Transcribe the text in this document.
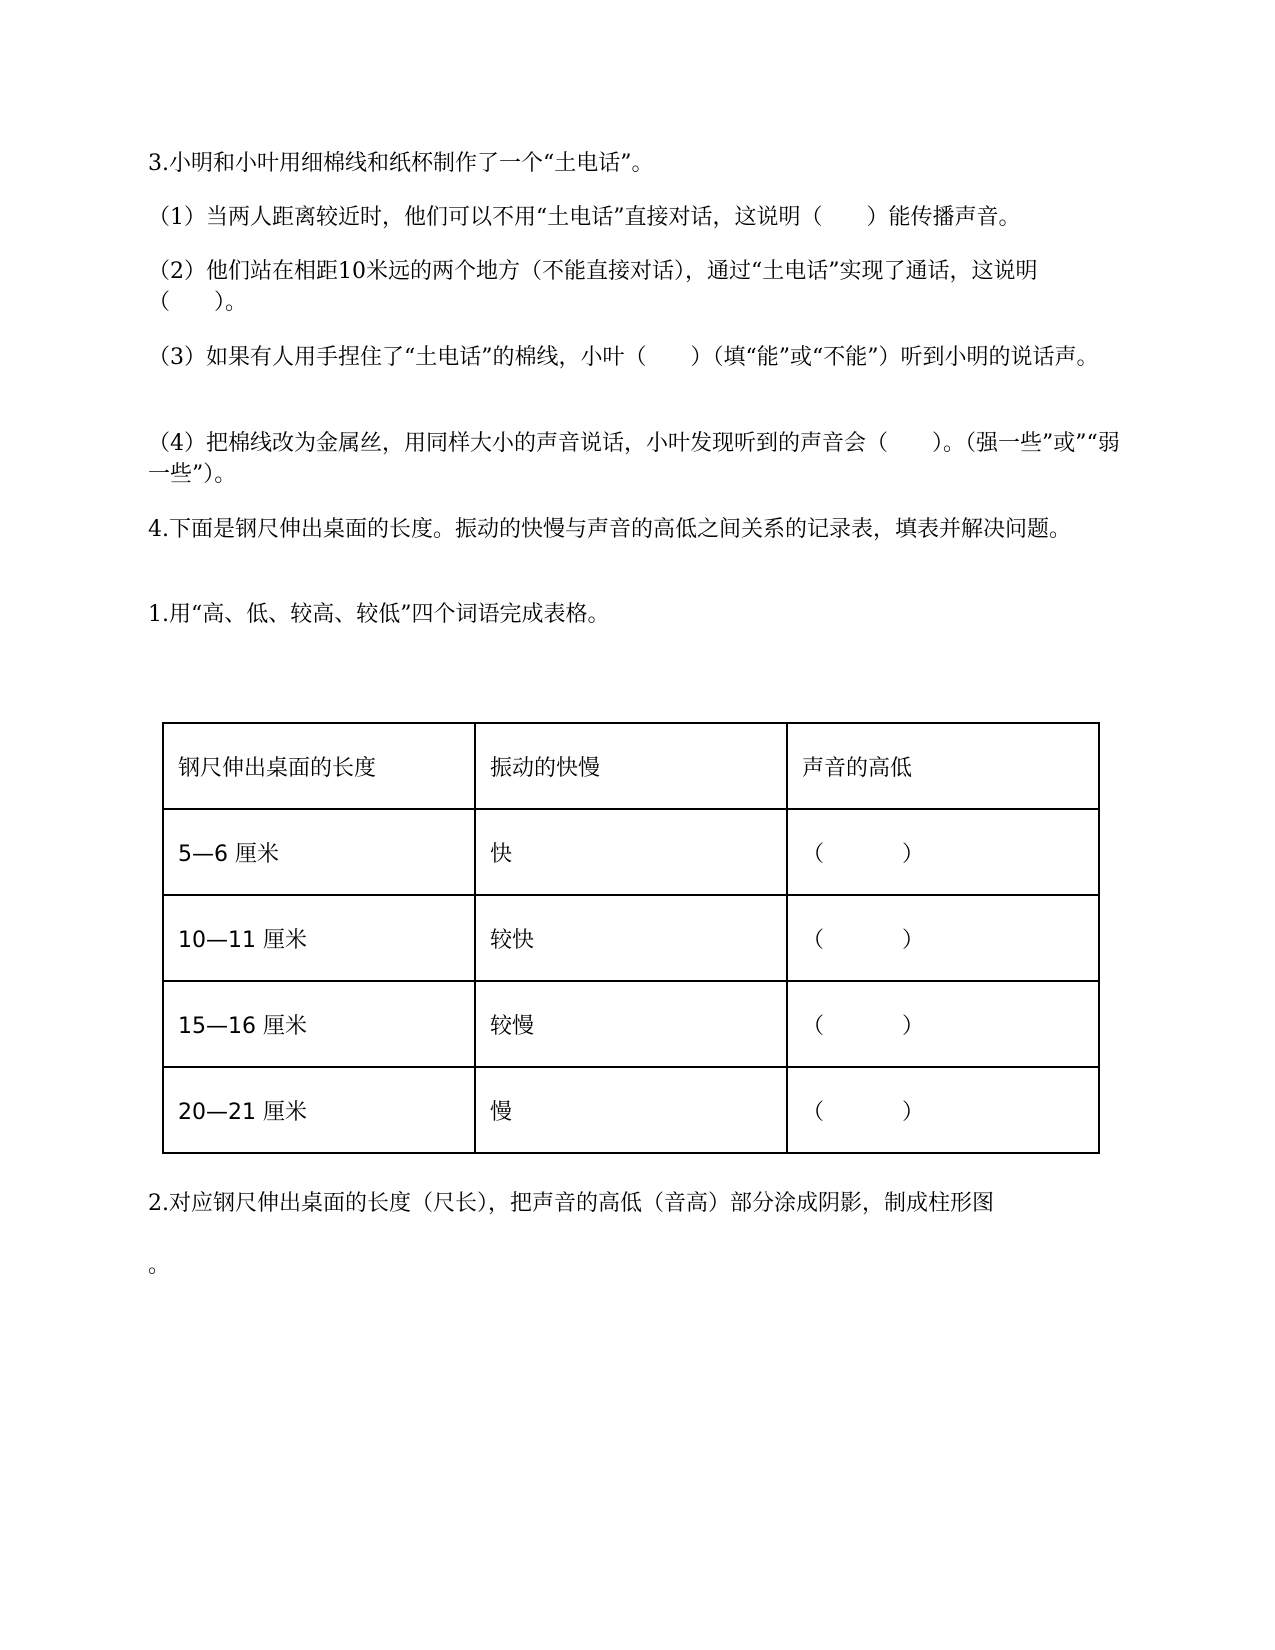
3.小明和小叶用细棉线和纸杯制作了一个“土电话”。
（1）当两人距离较近时，他们可以不用“土电话”直接对话，这说明（　　）能传播声音。
（2）他们站在相距10米远的两个地方（不能直接对话），通过“土电话”实现了通话，这说明（　　）。
（3）如果有人用手捏住了“土电话”的棉线，小叶（　　）（填“能”或“不能”）听到小明的说话声。
（4）把棉线改为金属丝，用同样大小的声音说话，小叶发现听到的声音会（　　）。（强一些”或”“弱一些”）。
4.下面是钢尺伸出桌面的长度。振动的快慢与声音的高低之间关系的记录表，填表并解决问题。
1.用“高、低、较高、较低”四个词语完成表格。
2.对应钢尺伸出桌面的长度（尺长），把声音的高低（音高）部分涂成阴影，制成柱形图
。
钢尺伸出桌面的长度	振动的快慢	声音的高低
5—6 厘米	快	（ ）
10—11 厘米	较快	（ ）
15—16 厘米	较慢	（ ）
20—21 厘米	慢	（ ）
